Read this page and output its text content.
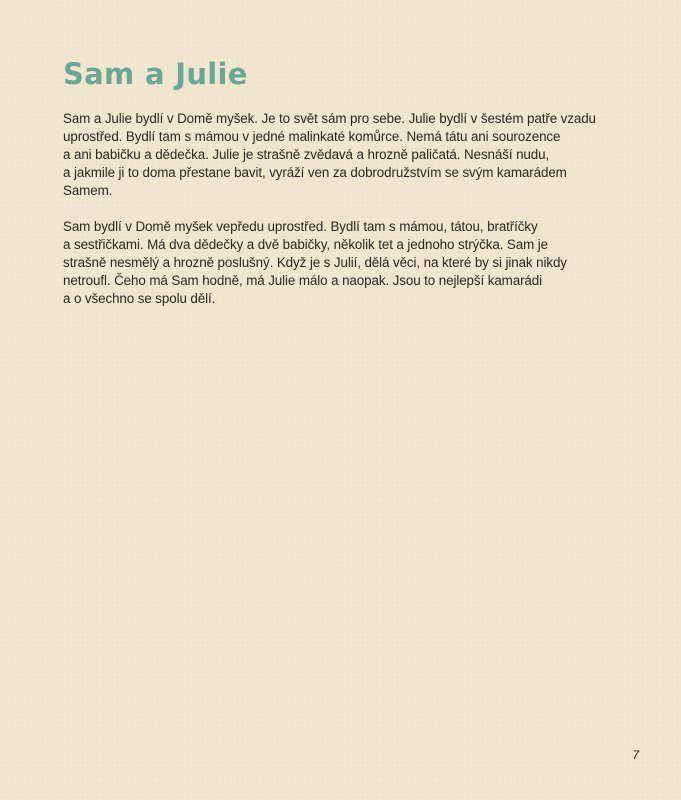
Sam a Julie

Sam a Julie bydlí v Domě myšek. Je to svět sám pro sebe. Julie bydlí v šestém patře vzadu
uprostřed. Bydlí tam s mámou v jedné malinkaté komůrce. Nemá tátu ani sourozence
a ani babičku a dědečka. Julie je strašně zvědavá a hrozně paličatá. Nesnáší nudu,
a jakmile ji to doma přestane bavit, vyráží ven za dobrodružstvím se svým kamarádem
Samem.

Sam bydlí v Domě myšek vepředu uprostřed. Bydlí tam s mámou, tátou, bratříčky
a sestřičkami. Má dva dědečky a dvě babičky, několik tet a jednoho strýčka. Sam je
strašně nesmělý a hrozně poslušný. Když je s Julií, dělá věci, na které by si jinak nikdy
netroufl. Čeho má Sam hodně, má Julie málo a naopak. Jsou to nejlepší kamarádi
a o všechno se spolu dělí.

7
